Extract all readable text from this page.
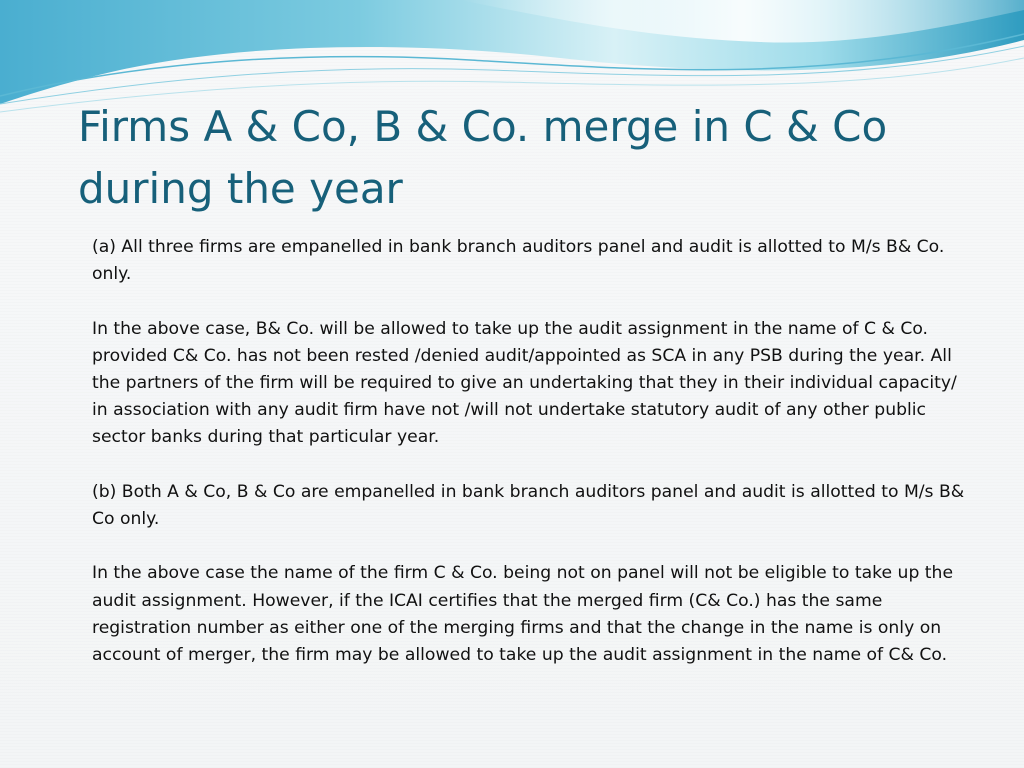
Firms A & Co, B & Co. merge in C & Co during the year

(a) All three firms are empanelled in bank branch auditors panel and audit is allotted to M/s B& Co. only.

In the above case, B& Co. will be allowed to take up the audit assignment in the name of C & Co. provided C& Co. has not been rested /denied audit/appointed as SCA in any PSB during the year. All the partners of the firm will be required to give an undertaking that they in their individual capacity/ in association with any audit firm have not /will not undertake statutory audit of any other public sector banks during that particular year.

(b) Both A & Co, B & Co are empanelled in bank branch auditors panel and audit is allotted to M/s B& Co only.

In the above case the name of the firm C & Co. being not on panel will not be eligible to take up the audit assignment. However, if the ICAI certifies that the merged firm (C& Co.) has the same registration number as either one of the merging firms and that the change in the name is only on account of merger, the firm may be allowed to take up the audit assignment in the name of C& Co.
